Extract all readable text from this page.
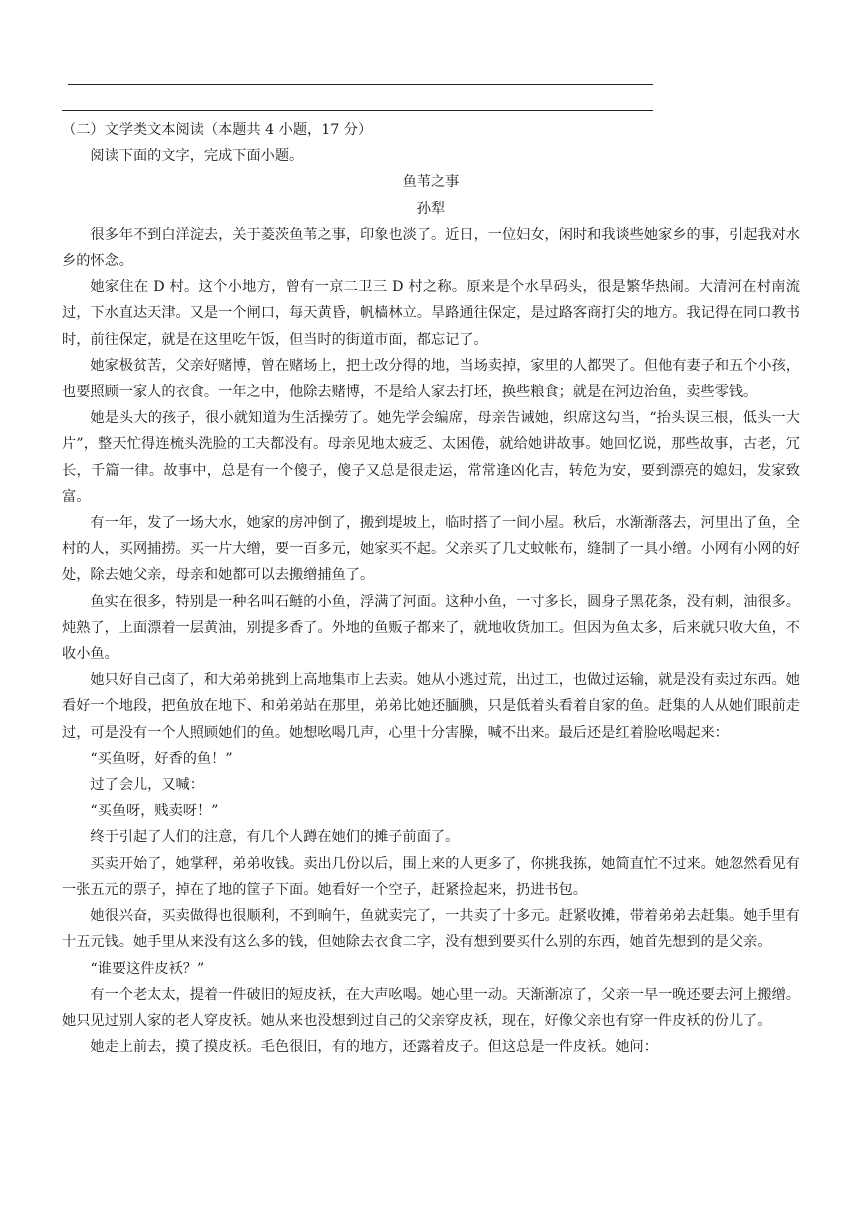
（二）文学类文本阅读（本题共 4 小题，17 分）

阅读下面的文字，完成下面小题。

鱼苇之事

孙犁

很多年不到白洋淀去，关于菱茨鱼苇之事，印象也淡了。近日，一位妇女，闲时和我谈些她家乡的事，引起我对水乡的怀念。

她家住在 D 村。这个小地方，曾有一京二卫三 D 村之称。原来是个水旱码头，很是繁华热闹。大清河在村南流过，下水直达天津。又是一个闸口，每天黄昏，帆樯林立。旱路通往保定，是过路客商打尖的地方。我记得在同口教书时，前往保定，就是在这里吃午饭，但当时的街道市面，都忘记了。

她家极贫苦，父亲好赌博，曾在赌场上，把土改分得的地，当场卖掉，家里的人都哭了。但他有妻子和五个小孩，也要照顾一家人的衣食。一年之中，他除去赌博，不是给人家去打坯，换些粮食；就是在河边治鱼，卖些零钱。

她是头大的孩子，很小就知道为生活操劳了。她先学会编席，母亲告诫她，织席这勾当，“抬头误三根，低头一大片”，整天忙得连梳头洗脸的工夫都没有。母亲见地太疲乏、太困倦，就给她讲故事。她回忆说，那些故事，古老，冗长，千篇一律。故事中，总是有一个傻子，傻子又总是很走运，常常逢凶化吉，转危为安，要到漂亮的媳妇，发家致富。

有一年，发了一场大水，她家的房冲倒了，搬到堤坡上，临时搭了一间小屋。秋后，水渐渐落去，河里出了鱼，全村的人，买网捕捞。买一片大缯，要一百多元，她家买不起。父亲买了几丈蚊帐布，缝制了一具小缯。小网有小网的好处，除去她父亲，母亲和她都可以去搬缯捕鱼了。

鱼实在很多，特别是一种名叫石鲢的小鱼，浮满了河面。这种小鱼，一寸多长，圆身子黑花条，没有刺，油很多。炖熟了，上面漂着一层黄油，别提多香了。外地的鱼贩子都来了，就地收货加工。但因为鱼太多，后来就只收大鱼，不收小鱼。

她只好自己卤了，和大弟弟挑到上高地集市上去卖。她从小逃过荒，出过工，也做过运输，就是没有卖过东西。她看好一个地段，把鱼放在地下、和弟弟站在那里，弟弟比她还腼腆，只是低着头看着自家的鱼。赶集的人从她们眼前走过，可是没有一个人照顾她们的鱼。她想吆喝几声，心里十分害臊，喊不出来。最后还是红着脸吆喝起来：

“买鱼呀，好香的鱼！”

过了会儿，又喊：

“买鱼呀，贱卖呀！”

终于引起了人们的注意，有几个人蹲在她们的摊子前面了。

买卖开始了，她掌秤，弟弟收钱。卖出几份以后，围上来的人更多了，你挑我拣，她简直忙不过来。她忽然看见有一张五元的票子，掉在了地的筐子下面。她看好一个空子，赶紧捡起来，扔进书包。

她很兴奋，买卖做得也很顺利，不到晌午，鱼就卖完了，一共卖了十多元。赶紧收摊，带着弟弟去赶集。她手里有十五元钱。她手里从来没有这么多的钱，但她除去衣食二字，没有想到要买什么别的东西，她首先想到的是父亲。

“谁要这件皮袄？”

有一个老太太，提着一件破旧的短皮袄，在大声吆喝。她心里一动。天渐渐凉了，父亲一早一晚还要去河上搬缯。她只见过别人家的老人穿皮袄。她从来也没想到过自己的父亲穿皮袄，现在，好像父亲也有穿一件皮袄的份儿了。

她走上前去，摸了摸皮袄。毛色很旧，有的地方，还露着皮子。但这总是一件皮袄。她问：
